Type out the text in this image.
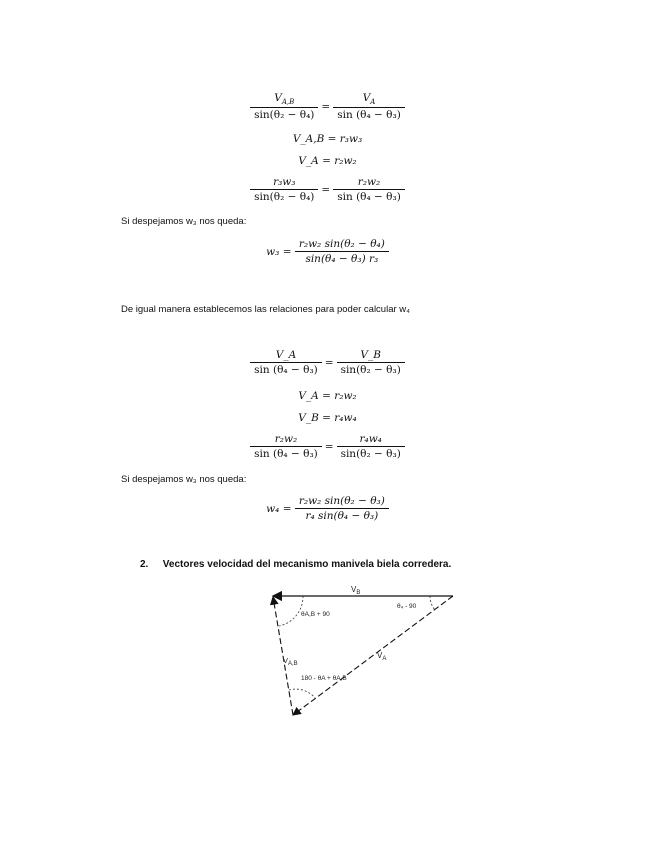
$\frac{V_{A,B}}{\text{sin(θ₂ − θ₄)}} = \frac{V_A}{\text{sin (θ₄ − θ₃)}}$
V_A,B = r₃w₃
V_A = r₂w₂
$\frac{\text{r₃w₃}}{\text{sin(θ₂ − θ₄)}} = \frac{\text{r₂w₂}}{\text{sin (θ₄ − θ₃)}}$
Si despejamos w₃ nos queda:
$w_3 = \frac{\text{r₂w₂ sin(θ₂ − θ₄)}}{\text{sin(θ₄ − θ₃) r₃}}$
De igual manera establecemos las relaciones para poder calcular w₄
$\frac{V\_A}{\text{sin (θ₄ − θ₃)}} = \frac{V\_B}{\text{sin(θ₂ − θ₃)}}$
V_A = r₂w₂
V_B = r₄w₄
$\frac{\text{r₂w₂}}{\text{sin (θ₄ − θ₃)}} = \frac{\text{r₄w₄}}{\text{sin(θ₂ − θ₃)}}$
Si despejamos w₃ nos queda:
$w_4 = \frac{\text{r₂w₂ sin(θ₂ − θ₃)}}{\text{r₄ sin(θ₄ − θ₃)}}$
2. Vectores velocidad del mecanismo manivela biela corredera.
$V_B$
$V_{A,B}$
$V_A$
θA,B + 90
θ₄ - 90
180 - θA + θA,B
